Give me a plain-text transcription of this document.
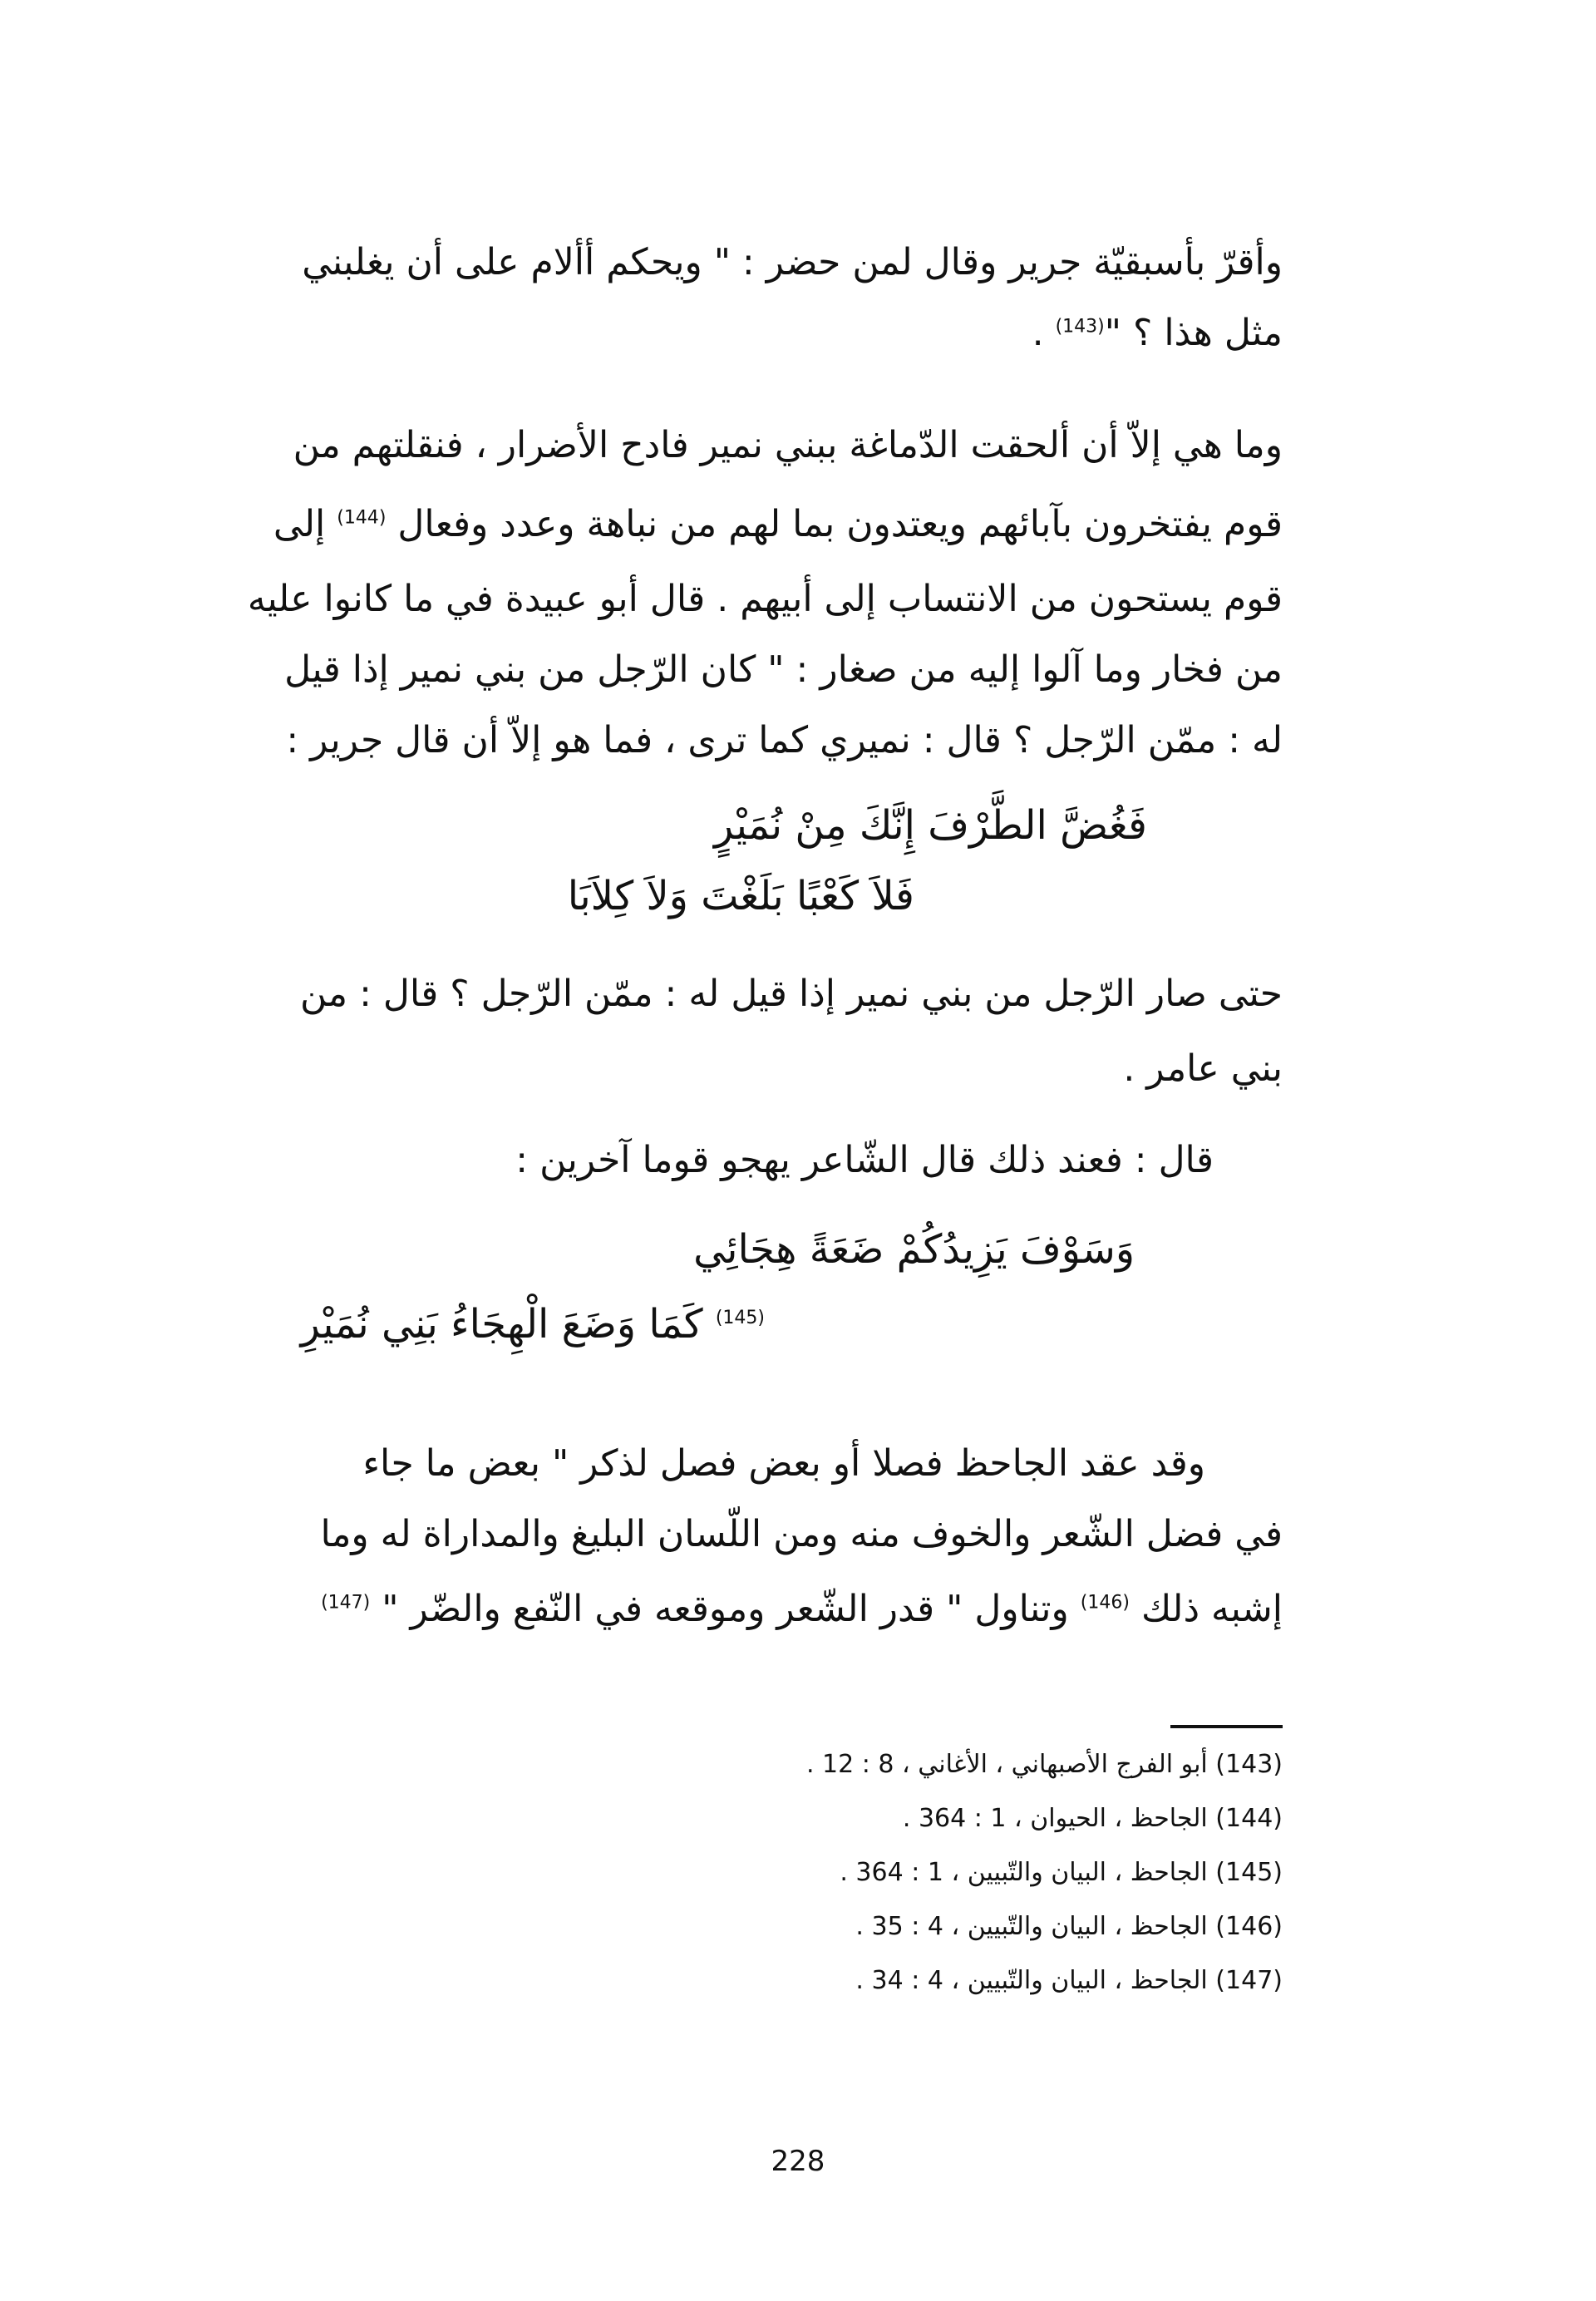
وأقرّ بأسبقيّة جرير وقال لمن حضر : " ويحكم أألام على أن يغلبني
مثل هذا ؟ "$^{(143)}$ .
وما هي إلاّ أن ألحقت الدّماغة ببني نمير فادح الأضرار ، فنقلتهم من
قوم يفتخرون بآبائهم ويعتدون بما لهم من نباهة وعدد وفعال $^{(144)}$ إلى
قوم يستحون من الانتساب إلى أبيهم . قال أبو عبيدة في ما كانوا عليه
من فخار وما آلوا إليه من صغار : " كان الرّجل من بني نمير إذا قيل
له : ممّن الرّجل ؟ قال : نميري كما ترى ، فما هو إلاّ أن قال جرير :
فَغُضَّ الطَّرْفَ إِنَّكَ مِنْ نُمَيْرٍ
فَلاَ كَعْبًا بَلَغْتَ وَلاَ كِلاَبَا
حتى صار الرّجل من بني نمير إذا قيل له : ممّن الرّجل ؟ قال : من
بني عامر .
قال : فعند ذلك قال الشّاعر يهجو قوما آخرين :
وَسَوْفَ يَزِيدُكُمْ ضَعَةً هِجَائِي
$^{(145)}$ كَمَا وَضَعَ الْهِجَاءُ بَنِي نُمَيْرِ
وقد عقد الجاحظ فصلا أو بعض فصل لذكر " بعض ما جاء
في فضل الشّعر والخوف منه ومن اللّسان البليغ والمداراة له وما
إشبه ذلك $^{(146)}$ وتناول " قدر الشّعر وموقعه في النّفع والضّر " $^{(147)}$
(143) أبو الفرج الأصبهاني ، الأغاني ، 8 : 12 .
(144) الجاحظ ، الحيوان ، 1 : 364 .
(145) الجاحظ ، البيان والتّبيين ، 1 : 364 .
(146) الجاحظ ، البيان والتّبيين ، 4 : 35 .
(147) الجاحظ ، البيان والتّبيين ، 4 : 34 .
228
